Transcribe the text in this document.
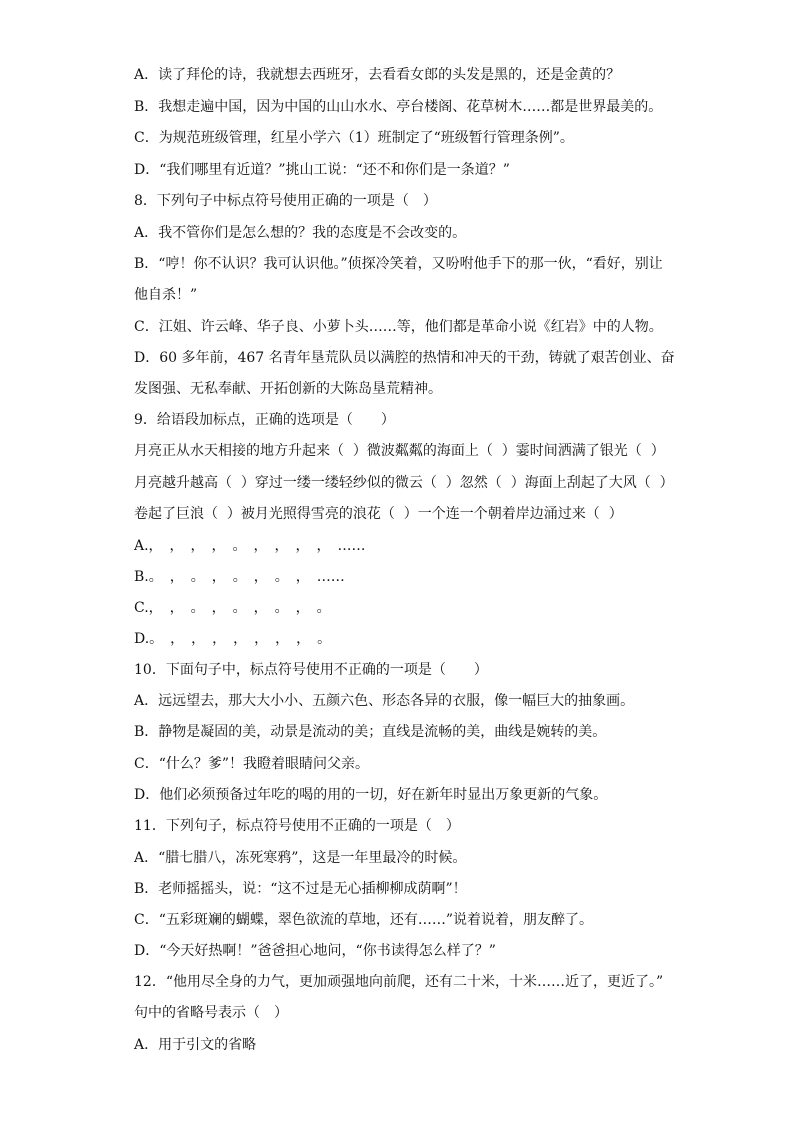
A．读了拜伦的诗，我就想去西班牙，去看看女郎的头发是黑的，还是金黄的？
B．我想走遍中国，因为中国的山山水水、亭台楼阁、花草树木……都是世界最美的。
C．为规范班级管理，红星小学六（1）班制定了“班级暂行管理条例”。
D．“我们哪里有近道？”挑山工说：“还不和你们是一条道？”
8．下列句子中标点符号使用正确的一项是（　）
A．我不管你们是怎么想的？我的态度是不会改变的。
B．“哼！你不认识？我可认识他。”侦探冷笑着，又吩咐他手下的那一伙，“看好，别让
他自杀！”
C．江姐、许云峰、华子良、小萝卜头……等，他们都是革命小说《红岩》中的人物。
D．60 多年前，467 名青年垦荒队员以满腔的热情和冲天的干劲，铸就了艰苦创业、奋
发图强、无私奉献、开拓创新的大陈岛垦荒精神。
9．给语段加标点，正确的选项是（　　）
月亮正从水天相接的地方升起来（  ）微波粼粼的海面上（  ）霎时间洒满了银光（  ）
月亮越升越高（  ）穿过一缕一缕轻纱似的微云（  ）忽然（  ）海面上刮起了大风（  ）
卷起了巨浪（  ）被月光照得雪亮的浪花（  ）一个连一个朝着岸边涌过来（  ）
A.，　，　，　，　。　，　，　，　，　……
B.。　，　。　，　。　，　。　，　……
C.，　，　。　，　。　，　。　，　。
D.。　，　，　，　，　，　，　，　。
10．下面句子中，标点符号使用不正确的一项是（　　）
A．远远望去，那大大小小、五颜六色、形态各异的衣服，像一幅巨大的抽象画。
B．静物是凝固的美，动景是流动的美；直线是流畅的美，曲线是婉转的美。
C．“什么？爹”！我瞪着眼睛问父亲。
D．他们必须预备过年吃的喝的用的一切，好在新年时显出万象更新的气象。
11．下列句子，标点符号使用不正确的一项是（　）
A．“腊七腊八，冻死寒鸦”，这是一年里最冷的时候。
B．老师摇摇头，说：“这不过是无心插柳柳成荫啊”！
C．“五彩斑斓的蝴蝶，翠色欲流的草地，还有……”说着说着，朋友醉了。
D．“今天好热啊！”爸爸担心地问，“你书读得怎么样了？”
12．“他用尽全身的力气，更加顽强地向前爬，还有二十米，十米……近了，更近了。”
句中的省略号表示（　）
A．用于引文的省略
